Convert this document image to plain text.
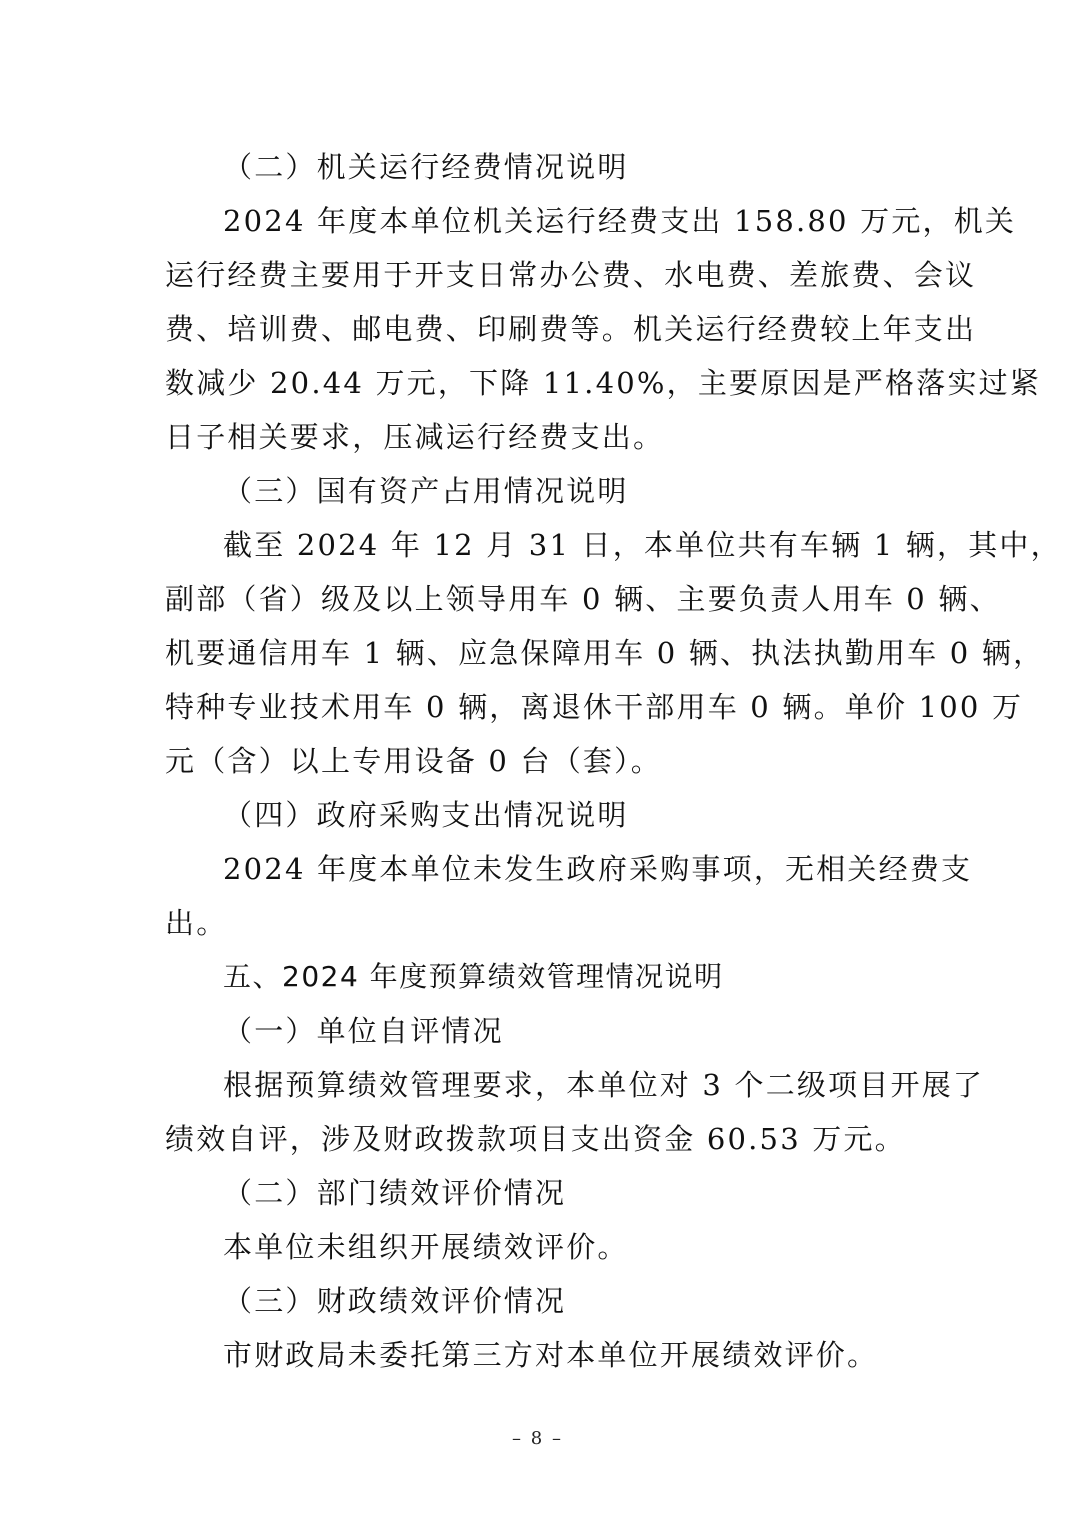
（二）机关运行经费情况说明
2024 年度本单位机关运行经费支出 158.80 万元，机关
运行经费主要用于开支日常办公费、水电费、差旅费、会议
费、培训费、邮电费、印刷费等。机关运行经费较上年支出
数减少 20.44 万元，下降 11.40%，主要原因是严格落实过紧
日子相关要求，压减运行经费支出。
（三）国有资产占用情况说明
截至 2024 年 12 月 31 日，本单位共有车辆 1 辆，其中，
副部（省）级及以上领导用车 0 辆、主要负责人用车 0 辆、
机要通信用车 1 辆、应急保障用车 0 辆、执法执勤用车 0 辆，
特种专业技术用车 0 辆，离退休干部用车 0 辆。单价 100 万
元（含）以上专用设备 0 台（套）。
（四）政府采购支出情况说明
2024 年度本单位未发生政府采购事项，无相关经费支
出。
五、2024 年度预算绩效管理情况说明
（一）单位自评情况
根据预算绩效管理要求，本单位对 3 个二级项目开展了
绩效自评，涉及财政拨款项目支出资金 60.53 万元。
（二）部门绩效评价情况
本单位未组织开展绩效评价。
（三）财政绩效评价情况
市财政局未委托第三方对本单位开展绩效评价。
– 8 –
